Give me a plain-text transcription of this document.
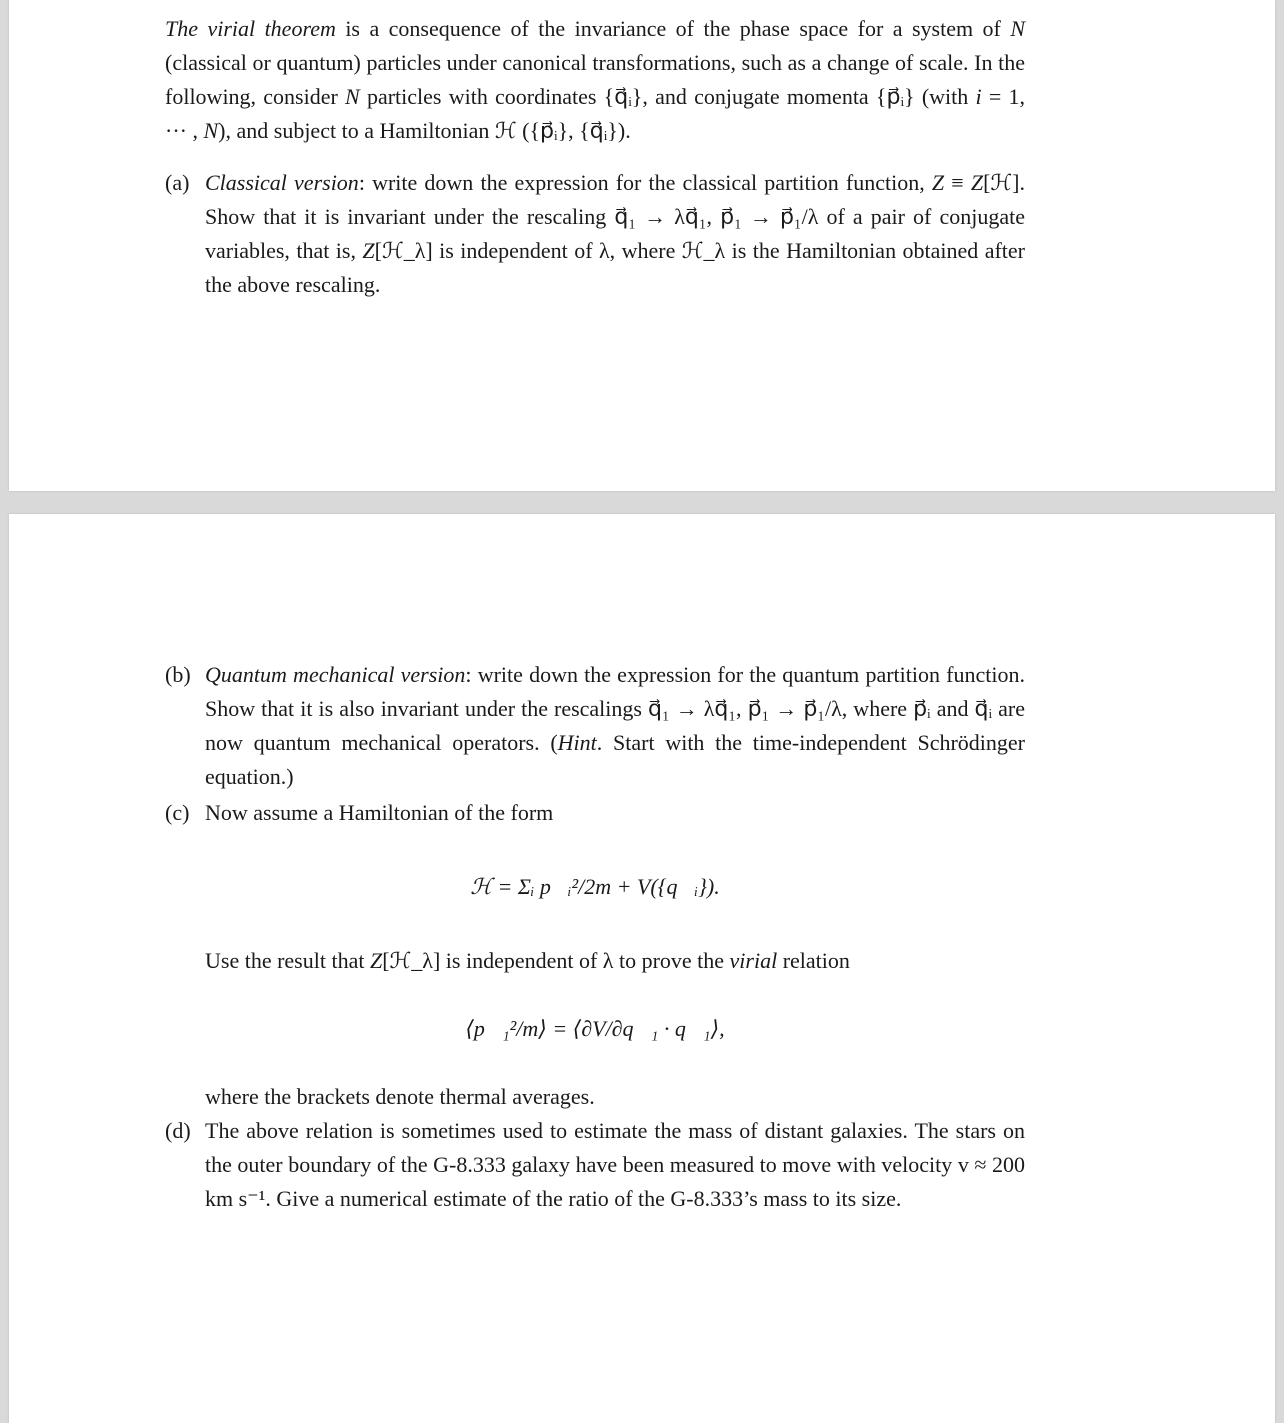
The virial theorem is a consequence of the invariance of the phase space for a system of N (classical or quantum) particles under canonical transformations, such as a change of scale. In the following, consider N particles with coordinates {q⃗ᵢ}, and conjugate momenta {p⃗ᵢ} (with i = 1, ··· , N), and subject to a Hamiltonian ℋ ({p⃗ᵢ}, {q⃗ᵢ}).

(a) Classical version: write down the expression for the classical partition function, Z ≡ Z[ℋ]. Show that it is invariant under the rescaling q⃗₁ → λq⃗₁, p⃗₁ → p⃗₁/λ of a pair of conjugate variables, that is, Z[ℋ_λ] is independent of λ, where ℋ_λ is the Hamiltonian obtained after the above rescaling.
(b) Quantum mechanical version: write down the expression for the quantum partition function. Show that it is also invariant under the rescalings q⃗₁ → λq⃗₁, p⃗₁ → p⃗₁/λ, where p⃗ᵢ and q⃗ᵢ are now quantum mechanical operators. (Hint. Start with the time-independent Schrödinger equation.)
(c) Now assume a Hamiltonian of the form
ℋ = Σᵢ p⃗ᵢ²/2m + V({q⃗ᵢ}).
Use the result that Z[ℋ_λ] is independent of λ to prove the virial relation
⟨p⃗₁²/m⟩ = ⟨∂V/∂q⃗₁ · q⃗₁⟩,
where the brackets denote thermal averages.
(d) The above relation is sometimes used to estimate the mass of distant galaxies. The stars on the outer boundary of the G-8.333 galaxy have been measured to move with velocity v ≈ 200 km s⁻¹. Give a numerical estimate of the ratio of the G-8.333’s mass to its size.
